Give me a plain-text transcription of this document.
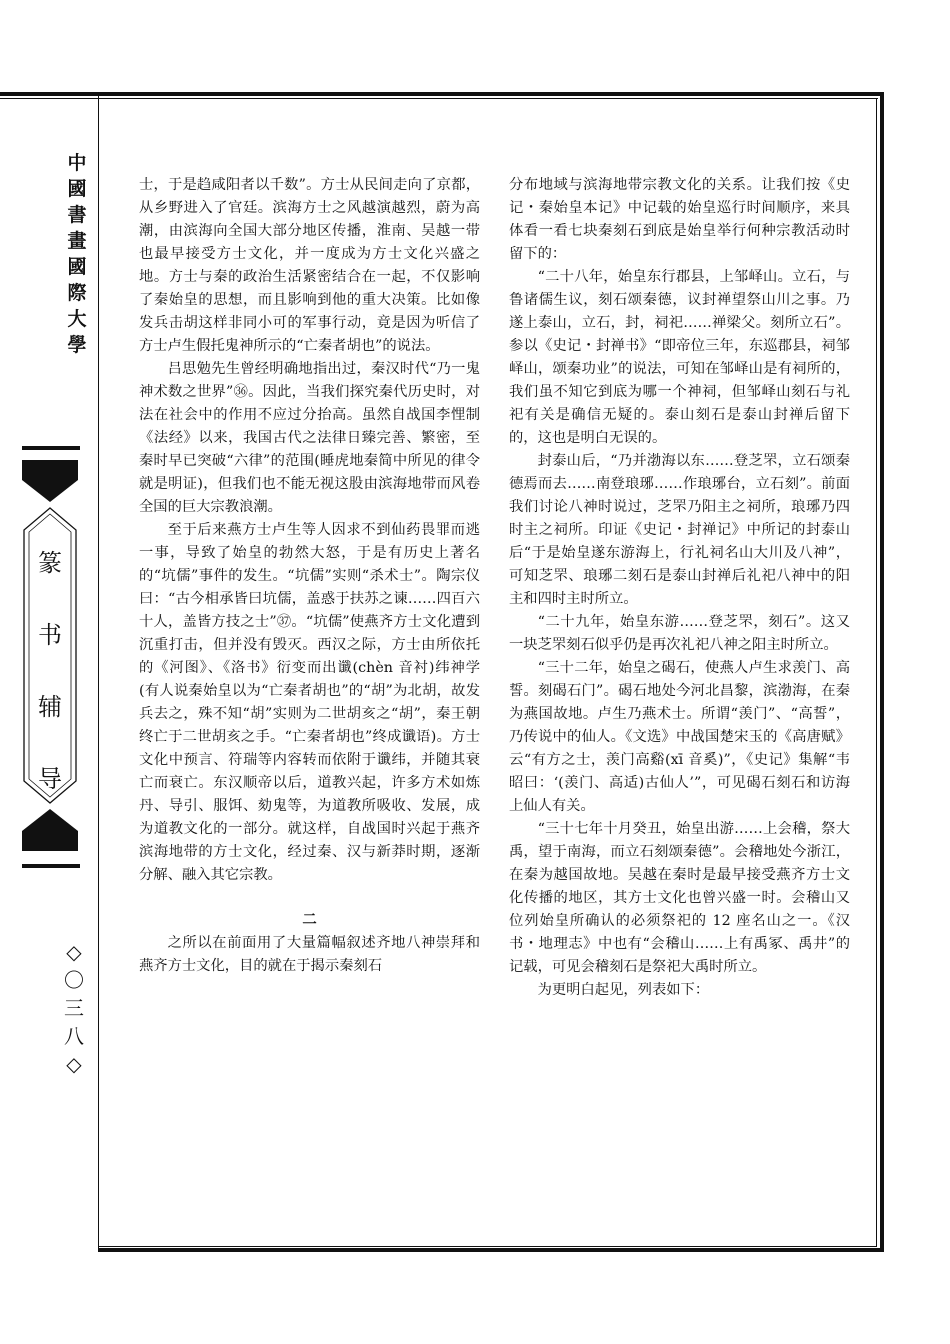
中
國
書
畫
國
際
大
學
篆
书
辅
导
◇
〇
三
八
◇

士，于是趋咸阳者以千数”。方士从民间走向了京都，从乡野进入了官廷。滨海方士之风越演越烈，蔚为高潮，由滨海向全国大部分地区传播，淮南、吴越一带也最早接受方士文化，并一度成为方士文化兴盛之地。方士与秦的政治生活紧密结合在一起，不仅影响了秦始皇的思想，而且影响到他的重大决策。比如像发兵击胡这样非同小可的军事行动，竟是因为听信了方士卢生假托鬼神所示的“亡秦者胡也”的说法。

吕思勉先生曾经明确地指出过，秦汉时代“乃一鬼神术数之世界”㊱。因此，当我们探究秦代历史时，对法在社会中的作用不应过分抬高。虽然自战国李悝制《法经》以来，我国古代之法律日臻完善、繁密，至秦时早已突破“六律”的范围(睡虎地秦简中所见的律令就是明证)，但我们也不能无视这股由滨海地带而风卷全国的巨大宗教浪潮。

至于后来燕方士卢生等人因求不到仙药畏罪而逃一事，导致了始皇的勃然大怒，于是有历史上著名的“坑儒”事件的发生。“坑儒”实则“杀术士”。陶宗仪曰：“古今相承皆曰坑儒，盖惑于扶苏之谏……四百六十人，盖皆方技之士”㊲。“坑儒”使燕齐方士文化遭到沉重打击，但并没有毁灭。西汉之际，方士由所依托的《河图》、《洛书》衍变而出谶(chèn 音衬)纬神学(有人说秦始皇以为“亡秦者胡也”的“胡”为北胡，故发兵去之，殊不知“胡”实则为二世胡亥之“胡”，秦王朝终亡于二世胡亥之手。“亡秦者胡也”终成谶语)。方士文化中预言、符瑞等内容转而依附于谶纬，并随其衰亡而衰亡。东汉顺帝以后，道教兴起，许多方术如炼丹、导引、服饵、劾鬼等，为道教所吸收、发展，成为道教文化的一部分。就这样，自战国时兴起于燕齐滨海地带的方士文化，经过秦、汉与新莽时期，逐渐分解、融入其它宗教。

二

之所以在前面用了大量篇幅叙述齐地八神崇拜和燕齐方士文化，目的就在于揭示秦刻石

分布地域与滨海地带宗教文化的关系。让我们按《史记・秦始皇本记》中记载的始皇巡行时间顺序，来具体看一看七块秦刻石到底是始皇举行何种宗教活动时留下的：

“二十八年，始皇东行郡县，上邹峄山。立石，与鲁诸儒生议，刻石颂秦德，议封禅望祭山川之事。乃遂上泰山，立石，封，祠祀……禅梁父。刻所立石”。参以《史记・封禅书》“即帝位三年，东巡郡县，祠邹峄山，颂秦功业”的说法，可知在邹峄山是有祠所的，我们虽不知它到底为哪一个神祠，但邹峄山刻石与礼祀有关是确信无疑的。泰山刻石是泰山封禅后留下的，这也是明白无误的。

封泰山后，“乃并渤海以东……登芝罘，立石颂秦德焉而去……南登琅琊……作琅琊台，立石刻”。前面我们讨论八神时说过，芝罘乃阳主之祠所，琅琊乃四时主之祠所。印证《史记・封禅记》中所记的封泰山后“于是始皇遂东游海上，行礼祠名山大川及八神”，可知芝罘、琅琊二刻石是泰山封禅后礼祀八神中的阳主和四时主时所立。

“二十九年，始皇东游……登芝罘，刻石”。这又一块芝罘刻石似乎仍是再次礼祀八神之阳主时所立。

“三十二年，始皇之碣石，使燕人卢生求羡门、高誓。刻碣石门”。碣石地处今河北昌黎，滨渤海，在秦为燕国故地。卢生乃燕术士。所谓“羡门”、“高誓”，乃传说中的仙人。《文选》中战国楚宋玉的《高唐赋》云“有方之士，羡门高谿(xī 音奚)”，《史记》集解“韦昭曰：‘(羡门、高适)古仙人’”，可见碣石刻石和访海上仙人有关。

“三十七年十月癸丑，始皇出游……上会稽，祭大禹，望于南海，而立石刻颂秦德”。会稽地处今浙江，在秦为越国故地。吴越在秦时是最早接受燕齐方士文化传播的地区，其方士文化也曾兴盛一时。会稽山又位列始皇所确认的必须祭祀的 12 座名山之一。《汉书・地理志》中也有“会稽山……上有禹冢、禹井”的记载，可见会稽刻石是祭祀大禹时所立。

为更明白起见，列表如下：
